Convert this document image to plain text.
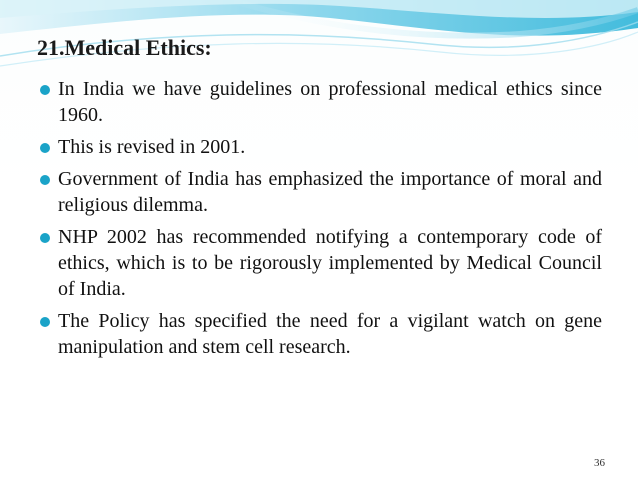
21.Medical Ethics:
In India we have guidelines on professional medical ethics since 1960.
This is revised in 2001.
Government of India has emphasized the importance of moral and religious dilemma.
NHP 2002 has recommended notifying a contemporary code of ethics, which is to be rigorously implemented by Medical Council of India.
The Policy has specified the need for a vigilant watch on gene manipulation and stem cell research.
36
